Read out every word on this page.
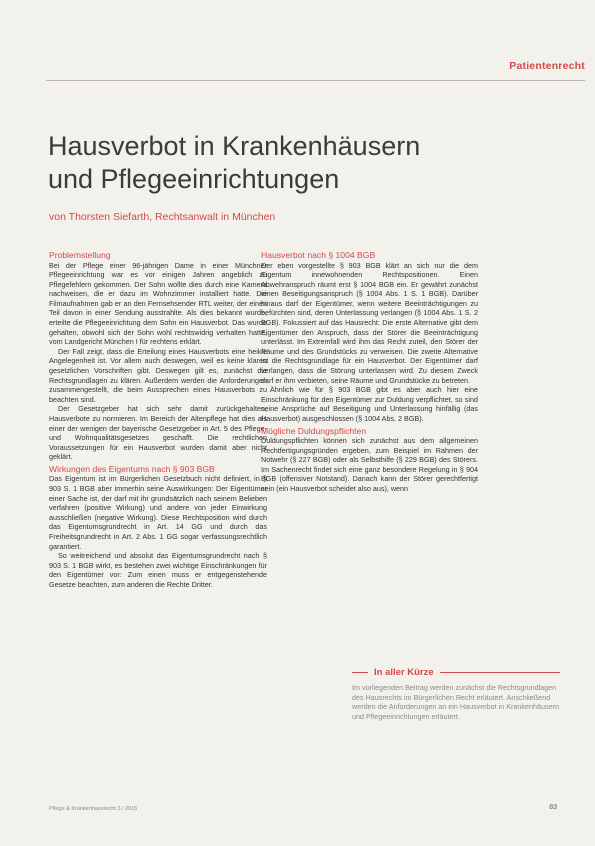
Patientenrecht
Hausverbot in Krankenhäusern
und Pflegeeinrichtungen
von Thorsten Siefarth, Rechtsanwalt in München
Problemstellung

Bei der Pflege einer 96-jährigen Dame in einer Münchner Pflegeeinrichtung war es vor einigen Jahren angeblich zu Pflegefehlern gekommen. Der Sohn wollte dies durch eine Kamera nachweisen, die er dazu im Wohnzimmer installiert hatte. Die Filmaufnahmen gab er an den Fernsehsender RTL weiter, der einen Teil davon in einer Sendung ausstrahlte. Als dies bekannt wurde, erteilte die Pflegeeinrichtung dem Sohn ein Hausverbot. Das wurde gehalten, obwohl sich der Sohn wohl rechtswidrig verhalten hatte, vom Landgericht München I für rechtens erklärt.

Der Fall zeigt, dass die Erteilung eines Hausverbots eine heikle Angelegenheit ist. Vor allem auch deswegen, weil es keine klaren gesetzlichen Vorschriften gibt. Deswegen gilt es, zunächst die Rechtsgrundlagen zu klären. Außerdem werden die Anforderungen zusammengestellt, die beim Aussprechen eines Hausverbots zu beachten sind.

Der Gesetzgeber hat sich sehr damit zurückgehalten, Hausverbote zu normieren. Im Bereich der Altenpflege hat dies als einer der wenigen der bayerische Gesetzgeber in Art. 5 des Pflege- und Wohnqualitätsgesetzes geschafft. Die rechtlichen Voraussetzungen für ein Hausverbot wurden damit aber nicht geklärt.

Wirkungen des Eigentums nach § 903 BGB

Das Eigentum ist im Bürgerlichen Gesetzbuch nicht definiert, in § 903 S. 1 BGB aber immerhin seine Auswirkungen: Der Eigentümer einer Sache ist, der darf mit ihr grundsätzlich nach seinem Belieben verfahren (positive Wirkung) und andere von jeder Einwirkung ausschließen (negative Wirkung). Diese Rechtsposition wird durch das Eigentumsgrundrecht in Art. 14 GG und durch das Freiheitsgrundrecht in Art. 2 Abs. 1 GG sogar verfassungsrechtlich garantiert.

So weitreichend und absolut das Eigentumsgrundrecht nach § 903 S. 1 BGB wirkt, es bestehen zwei wichtige Einschränkungen für den Eigentümer vor: Zum einen muss er entgegenstehende Gesetze beachten, zum anderen die Rechte Dritter.

Hausverbot nach § 1004 BGB

Der eben vorgestellte § 903 BGB klärt an sich nur die dem Eigentum innewohnenden Rechtspositionen. Einen Abwehranspruch räumt erst § 1004 BGB ein. Er gewährt zunächst einen Beseitigungsanspruch (§ 1004 Abs. 1 S. 1 BGB). Darüber hinaus darf der Eigentümer, wenn weitere Beeinträchtigungen zu befürchten sind, deren Unterlassung verlangen (§ 1004 Abs. 1 S. 2 BGB). Fokussiert auf das Hausrecht: Die erste Alternative gibt dem Eigentümer den Anspruch, dass der Störer die Beeinträchtigung unterlässt. Im Extremfall wird ihm das Recht zuteil, den Störer der Räume und des Grundstücks zu verweisen. Die zweite Alternative ist die Rechtsgrundlage für ein Hausverbot. Der Eigentümer darf verlangen, dass die Störung unterlassen wird. Zu diesem Zweck darf er ihm verbieten, seine Räume und Grundstücke zu betreten.

Ähnlich wie für § 903 BGB gibt es aber auch hier eine Einschränkung für den Eigentümer zur Duldung verpflichtet, so sind seine Ansprüche auf Beseitigung und Unterlassung hinfällig (das Hausverbot) ausgeschlossen (§ 1004 Abs. 2 BGB).

Mögliche Duldungspflichten

Duldungspflichten können sich zunächst aus dem allgemeinen Rechtfertigungsgründen ergeben, zum Beispiel im Rahmen der Notwehr (§ 227 BGB) oder als Selbsthilfe (§ 229 BGB) des Störers. Im Sachenrecht findet sich eine ganz besondere Regelung in § 904 BGB (offensiver Notstand). Danach kann der Störer gerechtfertigt sein (ein Hausverbot scheidet also aus), wenn

In aller Kürze
Im vorliegenden Beitrag werden zunächst die Rechtsgrundlagen des Hausrechts im Bürgerlichen Recht erläutert. Anschließend werden die Anforderungen an ein Hausverbot in Krankenhäusern und Pflegeeinrichtungen erläutert.
Pflege & Krankenhausrecht 3 / 2015	83
